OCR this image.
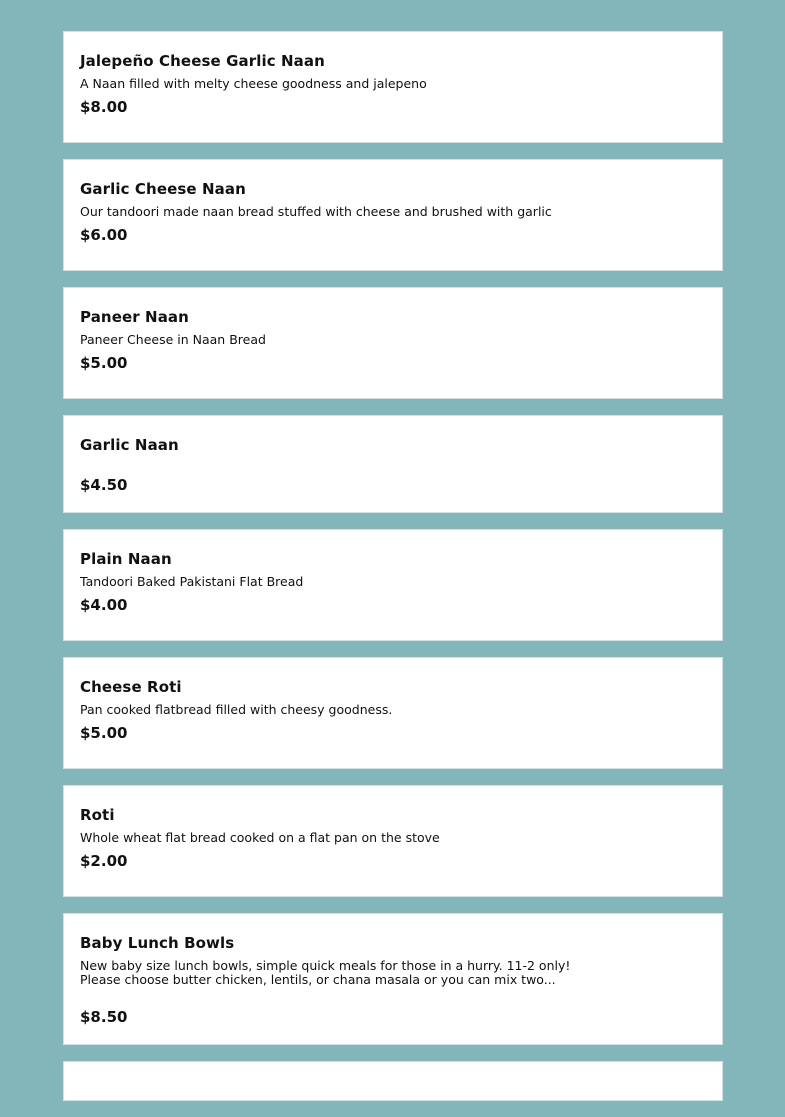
Jalepeño Cheese Garlic Naan

A Naan filled with melty cheese goodness and jalepeno

$8.00

Garlic Cheese Naan

Our tandoori made naan bread stuffed with cheese and brushed with garlic

$6.00

Paneer Naan

Paneer Cheese in Naan Bread

$5.00

Garlic Naan

$4.50

Plain Naan

Tandoori Baked Pakistani Flat Bread

$4.00

Cheese Roti

Pan cooked flatbread filled with cheesy goodness.

$5.00

Roti

Whole wheat flat bread cooked on a flat pan on the stove

$2.00

Baby Lunch Bowls

New baby size lunch bowls, simple quick meals for those in a hurry. 11-2 only!
Please choose butter chicken, lentils, or chana masala or you can mix two...

$8.50
